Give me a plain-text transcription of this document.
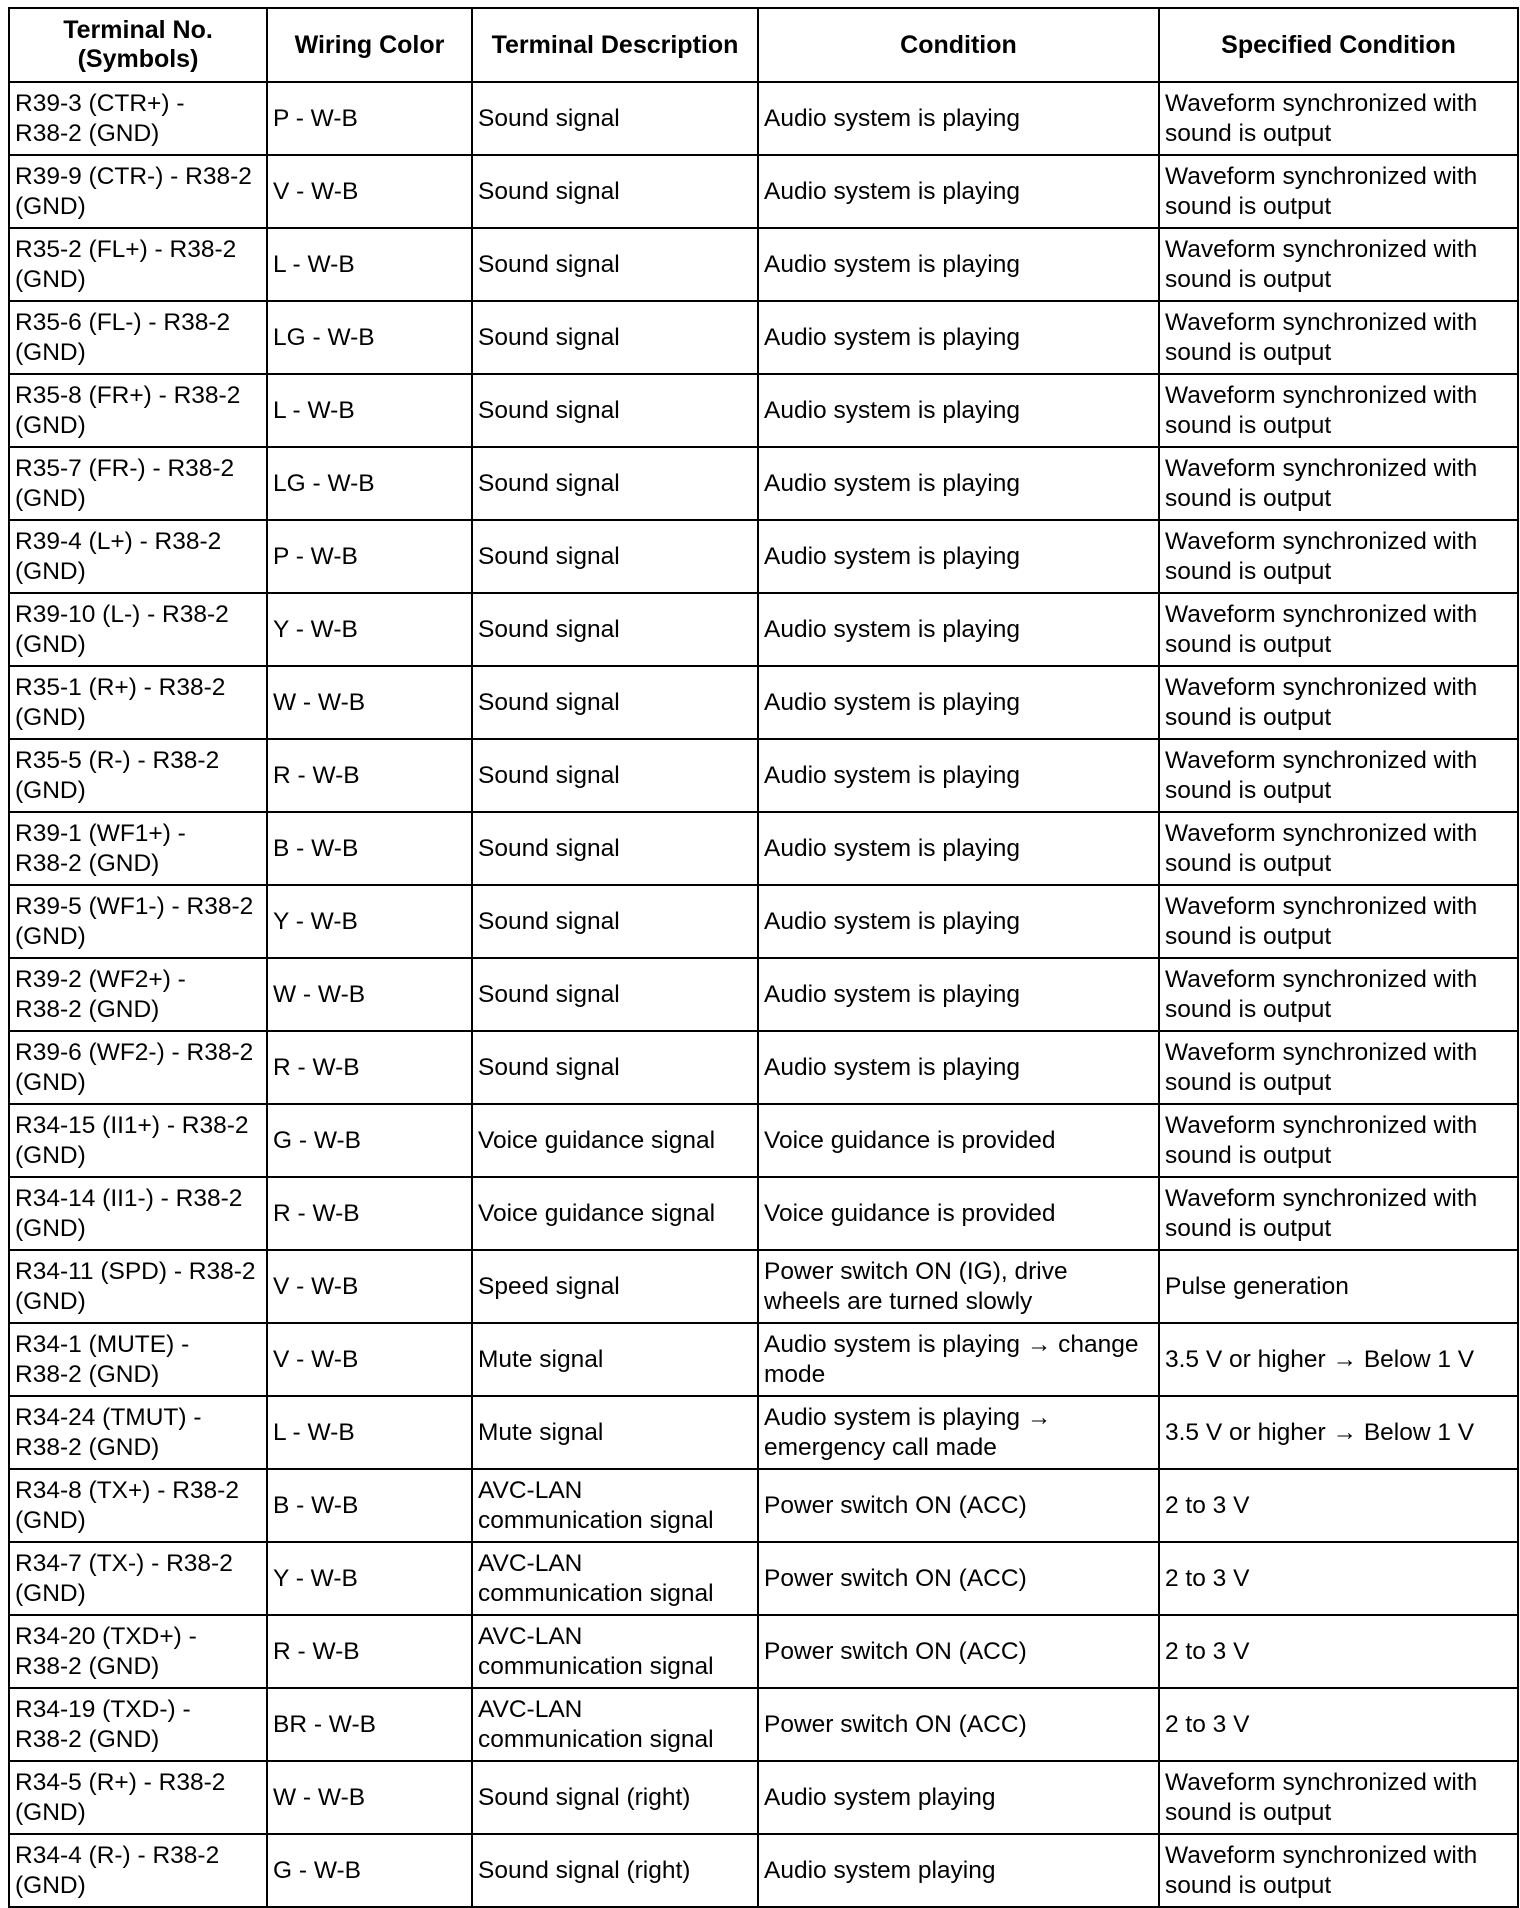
Terminal No.
(Symbols)	Wiring Color	Terminal Description	Condition	Specified Condition
R39-3 (CTR+) -
R38-2 (GND)	P - W-B	Sound signal	Audio system is playing	Waveform synchronized with
sound is output
R39-9 (CTR-) - R38-2
(GND)	V - W-B	Sound signal	Audio system is playing	Waveform synchronized with
sound is output
R35-2 (FL+) - R38-2
(GND)	L - W-B	Sound signal	Audio system is playing	Waveform synchronized with
sound is output
R35-6 (FL-) - R38-2
(GND)	LG - W-B	Sound signal	Audio system is playing	Waveform synchronized with
sound is output
R35-8 (FR+) - R38-2
(GND)	L - W-B	Sound signal	Audio system is playing	Waveform synchronized with
sound is output
R35-7 (FR-) - R38-2
(GND)	LG - W-B	Sound signal	Audio system is playing	Waveform synchronized with
sound is output
R39-4 (L+) - R38-2
(GND)	P - W-B	Sound signal	Audio system is playing	Waveform synchronized with
sound is output
R39-10 (L-) - R38-2
(GND)	Y - W-B	Sound signal	Audio system is playing	Waveform synchronized with
sound is output
R35-1 (R+) - R38-2
(GND)	W - W-B	Sound signal	Audio system is playing	Waveform synchronized with
sound is output
R35-5 (R-) - R38-2
(GND)	R - W-B	Sound signal	Audio system is playing	Waveform synchronized with
sound is output
R39-1 (WF1+) -
R38-2 (GND)	B - W-B	Sound signal	Audio system is playing	Waveform synchronized with
sound is output
R39-5 (WF1-) - R38-2
(GND)	Y - W-B	Sound signal	Audio system is playing	Waveform synchronized with
sound is output
R39-2 (WF2+) -
R38-2 (GND)	W - W-B	Sound signal	Audio system is playing	Waveform synchronized with
sound is output
R39-6 (WF2-) - R38-2
(GND)	R - W-B	Sound signal	Audio system is playing	Waveform synchronized with
sound is output
R34-15 (II1+) - R38-2
(GND)	G - W-B	Voice guidance signal	Voice guidance is provided	Waveform synchronized with
sound is output
R34-14 (II1-) - R38-2
(GND)	R - W-B	Voice guidance signal	Voice guidance is provided	Waveform synchronized with
sound is output
R34-11 (SPD) - R38-2
(GND)	V - W-B	Speed signal	Power switch ON (IG), drive
wheels are turned slowly	Pulse generation
R34-1 (MUTE) -
R38-2 (GND)	V - W-B	Mute signal	Audio system is playing → change
mode	3.5 V or higher → Below 1 V
R34-24 (TMUT) -
R38-2 (GND)	L - W-B	Mute signal	Audio system is playing →
emergency call made	3.5 V or higher → Below 1 V
R34-8 (TX+) - R38-2
(GND)	B - W-B	AVC-LAN
communication signal	Power switch ON (ACC)	2 to 3 V
R34-7 (TX-) - R38-2
(GND)	Y - W-B	AVC-LAN
communication signal	Power switch ON (ACC)	2 to 3 V
R34-20 (TXD+) -
R38-2 (GND)	R - W-B	AVC-LAN
communication signal	Power switch ON (ACC)	2 to 3 V
R34-19 (TXD-) -
R38-2 (GND)	BR - W-B	AVC-LAN
communication signal	Power switch ON (ACC)	2 to 3 V
R34-5 (R+) - R38-2
(GND)	W - W-B	Sound signal (right)	Audio system playing	Waveform synchronized with
sound is output
R34-4 (R-) - R38-2
(GND)	G - W-B	Sound signal (right)	Audio system playing	Waveform synchronized with
sound is output
